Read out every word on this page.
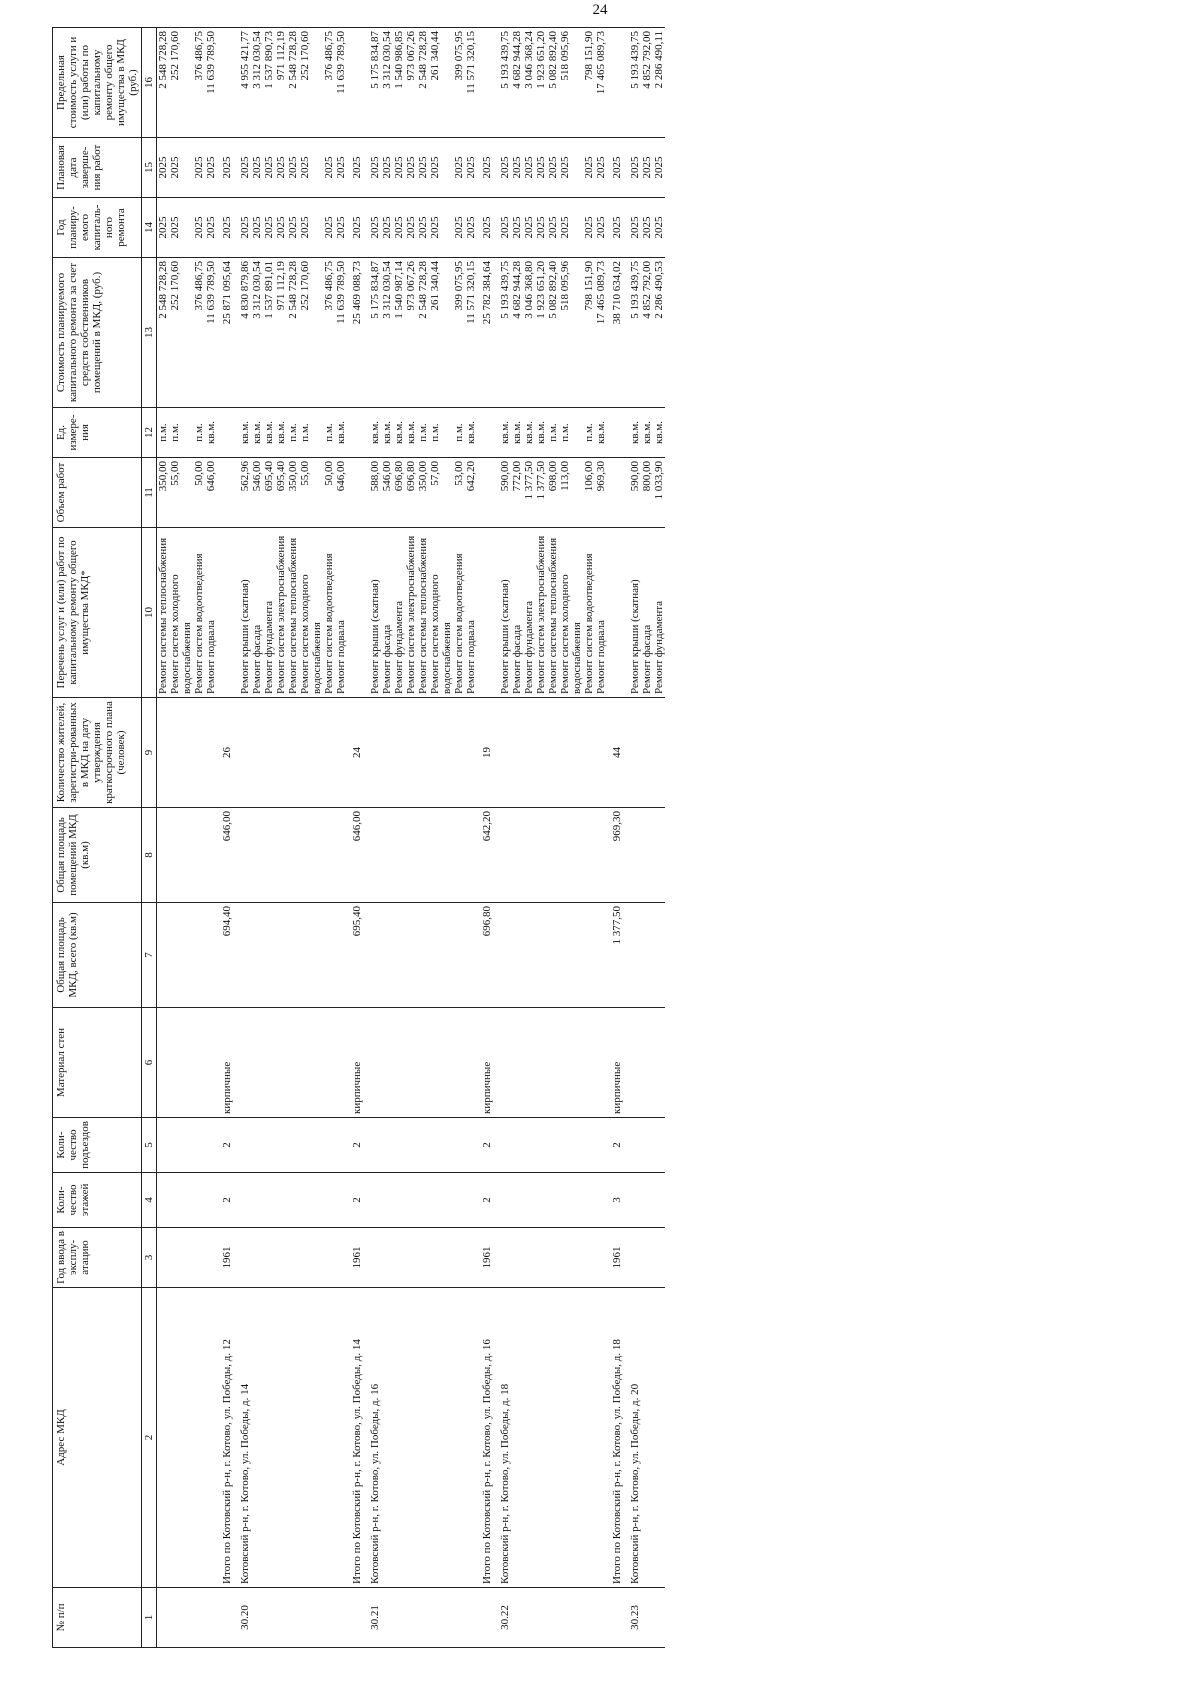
24
№ п/п	Адрес МКД	Год ввода в эксплу-атацию	Коли-чество этажей	Коли-чество подъездов	Материал стен	Общая площадь МКД, всего (кв.м)	Общая площадь помещений МКД (кв.м)	Количество жителей, зарегистри-рованных в МКД на дату утверждения краткосрочного плана (человек)	Перечень услуг и (или) работ по капитальному ремонту общего имущества МКД*	Объем работ	Ед. измере-ния	Стоимость планируемого капитального ремонта за счет средств собственников помещений в МКД, (руб.)	Год планиру-емого капиталь-ного ремонта	Плановая дата заверше-ния работ	Предельная стоимость услуги и (или) работы по капитальному ремонту общего имущества в МКД (руб.)
1	2	3	4	5	6	7	8	9	10	11	12	13	14	15	16
									Ремонт системы теплоснабжения	350,00	п.м.	2 548 728,28	2025	2025	2 548 728,28
									Ремонт систем холодного водоснабжения	55,00	п.м.	252 170,60	2025	2025	252 170,60
									Ремонт систем водоотведения	50,00	п.м.	376 486,75	2025	2025	376 486,75
									Ремонт подвала	646,00	кв.м.	11 639 789,50	2025	2025	11 639 789,50
	Итого по Котовский р-н, г. Котово, ул. Победы, д. 12	1961	2	2	кирпичные	694,40	646,00	26				25 871 095,64	2025	2025	
30.20	Котовский р-н, г. Котово, ул. Победы, д. 14								Ремонт крыши (скатная)	562,96	кв.м.	4 830 879,86	2025	2025	4 955 421,77
									Ремонт фасада	546,00	кв.м.	3 312 030,54	2025	2025	3 312 030,54
									Ремонт фундамента	695,40	кв.м.	1 537 891,01	2025	2025	1 537 890,73
									Ремонт систем электроснабжения	695,40	кв.м.	971 112,19	2025	2025	971 112,19
									Ремонт системы теплоснабжения	350,00	п.м.	2 548 728,28	2025	2025	2 548 728,28
									Ремонт систем холодного водоснабжения	55,00	п.м.	252 170,60	2025	2025	252 170,60
									Ремонт систем водоотведения	50,00	п.м.	376 486,75	2025	2025	376 486,75
									Ремонт подвала	646,00	кв.м.	11 639 789,50	2025	2025	11 639 789,50
	Итого по Котовский р-н, г. Котово, ул. Победы, д. 14	1961	2	2	кирпичные	695,40	646,00	24				25 469 088,73	2025	2025	
30.21	Котовский р-н, г. Котово, ул. Победы, д. 16								Ремонт крыши (скатная)	588,00	кв.м.	5 175 834,87	2025	2025	5 175 834,87
									Ремонт фасада	546,00	кв.м.	3 312 030,54	2025	2025	3 312 030,54
									Ремонт фундамента	696,80	кв.м.	1 540 987,14	2025	2025	1 540 986,85
									Ремонт систем электроснабжения	696,80	кв.м.	973 067,26	2025	2025	973 067,26
									Ремонт системы теплоснабжения	350,00	п.м.	2 548 728,28	2025	2025	2 548 728,28
									Ремонт систем холодного водоснабжения	57,00	п.м.	261 340,44	2025	2025	261 340,44
									Ремонт систем водоотведения	53,00	п.м.	399 075,95	2025	2025	399 075,95
									Ремонт подвала	642,20	кв.м.	11 571 320,15	2025	2025	11 571 320,15
	Итого по Котовский р-н, г. Котово, ул. Победы, д. 16	1961	2	2	кирпичные	696,80	642,20	19				25 782 384,64	2025	2025	
30.22	Котовский р-н, г. Котово, ул. Победы, д. 18								Ремонт крыши (скатная)	590,00	кв.м.	5 193 439,75	2025	2025	5 193 439,75
									Ремонт фасада	772,00	кв.м.	4 682 944,28	2025	2025	4 682 944,28
									Ремонт фундамента	1 377,50	кв.м.	3 046 368,80	2025	2025	3 046 368,24
									Ремонт систем электроснабжения	1 377,50	кв.м.	1 923 651,20	2025	2025	1 923 651,20
									Ремонт системы теплоснабжения	698,00	п.м.	5 082 892,40	2025	2025	5 082 892,40
									Ремонт систем холодного водоснабжения	113,00	п.м.	518 095,96	2025	2025	518 095,96
									Ремонт систем водоотведения	106,00	п.м.	798 151,90	2025	2025	798 151,90
									Ремонт подвала	969,30	кв.м.	17 465 089,73	2025	2025	17 465 089,73
	Итого по Котовский р-н, г. Котово, ул. Победы, д. 18	1961	3	2	кирпичные	1 377,50	969,30	44				38 710 634,02	2025	2025	
30.23	Котовский р-н, г. Котово, ул. Победы, д. 20								Ремонт крыши (скатная)	590,00	кв.м.	5 193 439,75	2025	2025	5 193 439,75
									Ремонт фасада	800,00	кв.м.	4 852 792,00	2025	2025	4 852 792,00
									Ремонт фундамента	1 033,90	кв.м.	2 286 490,53	2025	2025	2 286 490,11
